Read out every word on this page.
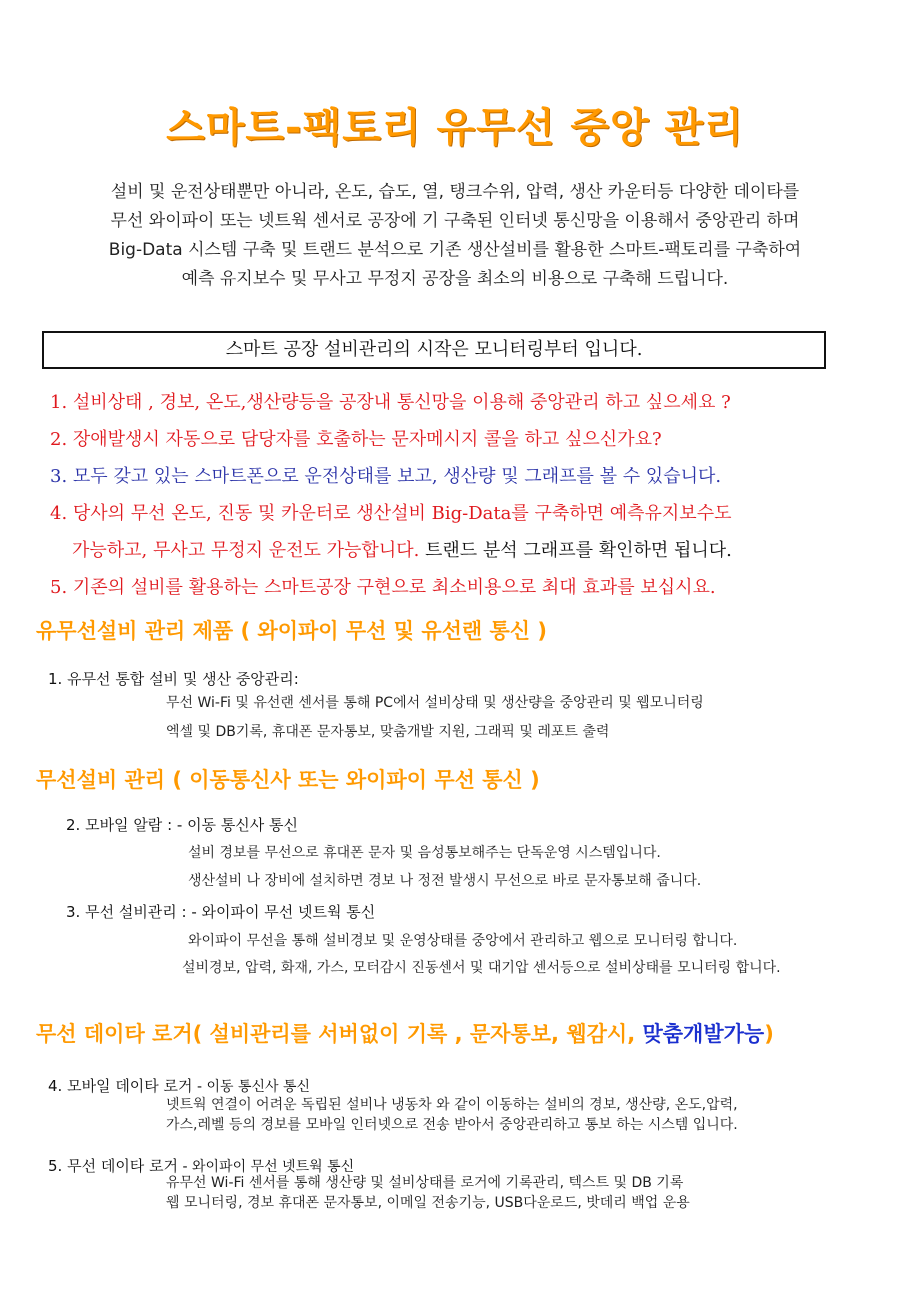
스마트-팩토리 유무선 중앙 관리
설비 및 운전상태뿐만 아니라, 온도, 습도, 열, 탱크수위, 압력, 생산 카운터등 다양한 데이타를
무선 와이파이 또는 넷트웍 센서로 공장에 기 구축된 인터넷 통신망을 이용해서 중앙관리 하며
Big-Data 시스템 구축 및 트랜드 분석으로 기존 생산설비를 활용한 스마트-팩토리를 구축하여
예측 유지보수 및 무사고 무정지 공장을 최소의 비용으로 구축해 드립니다.
스마트 공장 설비관리의 시작은 모니터링부터 입니다.
1. 설비상태 , 경보, 온도,생산량등을 공장내 통신망을 이용해 중앙관리 하고 싶으세요 ?
2. 장애발생시 자동으로 담당자를 호출하는 문자메시지 콜을 하고 싶으신가요?
3. 모두 갖고 있는 스마트폰으로 운전상태를 보고, 생산량 및 그래프를 볼 수 있습니다.
4. 당사의 무선 온도, 진동 및 카운터로 생산설비 Big-Data를 구축하면 예측유지보수도
가능하고, 무사고 무정지 운전도 가능합니다. 트랜드 분석 그래프를 확인하면 됩니다.
5. 기존의 설비를 활용하는 스마트공장 구현으로 최소비용으로 최대 효과를 보십시요.
유무선설비 관리 제품 ( 와이파이 무선 및 유선랜 통신 )
1. 유무선 통합 설비 및 생산 중앙관리:
무선 Wi-Fi 및 유선랜 센서를 통해 PC에서 설비상태 및 생산량을 중앙관리 및 웹모니터링
엑셀 및 DB기록, 휴대폰 문자통보, 맞춤개발 지원, 그래픽 및 레포트 출력
무선설비 관리 ( 이동통신사 또는 와이파이 무선 통신 )
2. 모바일 알람 : - 이동 통신사 통신
설비 경보를 무선으로 휴대폰 문자 및 음성통보해주는 단독운영 시스템입니다.
생산설비 나 장비에 설치하면 경보 나 정전 발생시 무선으로 바로 문자통보해 줍니다.
3. 무선 설비관리 : - 와이파이 무선 넷트웍 통신
와이파이 무선을 통해 설비경보 및 운영상태를 중앙에서 관리하고 웹으로 모니터링 합니다.
설비경보, 압력, 화재, 가스, 모터감시 진동센서 및 대기압 센서등으로 설비상태를 모니터링 합니다.
무선 데이타 로거( 설비관리를 서버없이 기록 , 문자통보, 웹감시, 맞춤개발가능)
4. 모바일 데이타 로거 - 이동 통신사 통신
넷트웍 연결이 어려운 독립된 설비나 냉동차 와 같이 이동하는 설비의 경보, 생산량, 온도,압력,
가스,레벨 등의 경보를 모바일 인터넷으로 전송 받아서 중앙관리하고 통보 하는 시스템 입니다.
5. 무선 데이타 로거 - 와이파이 무선 넷트웍 통신
유무선 Wi-Fi 센서를 통해 생산량 및 설비상태를 로거에 기록관리, 텍스트 및 DB 기록
웹 모니터링, 경보 휴대폰 문자통보, 이메일 전송기능, USB다운로드, 밧데리 백업 운용
